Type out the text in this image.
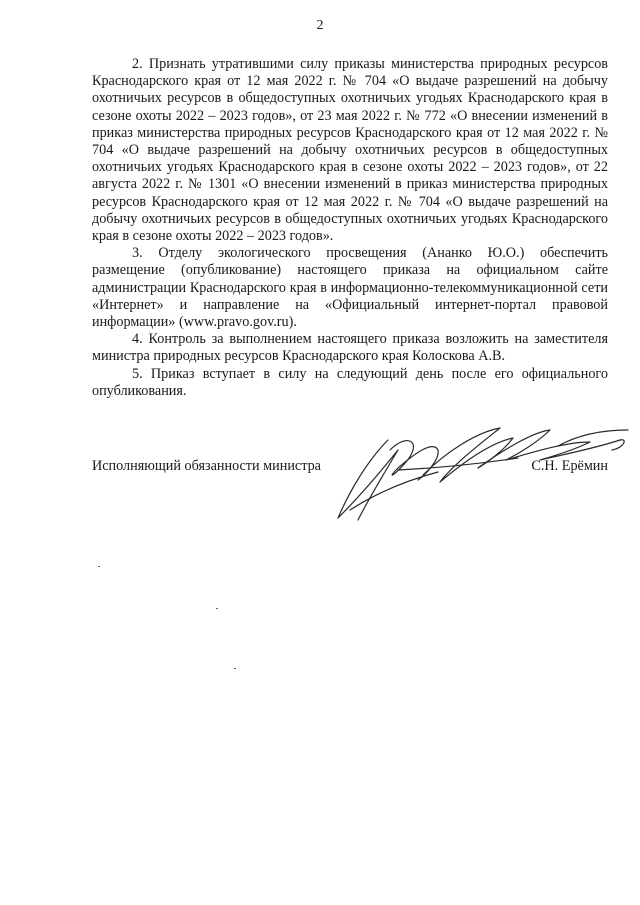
2

2. Признать утратившими силу приказы министерства природных ресурсов Краснодарского края от 12 мая 2022 г. № 704 «О выдаче разрешений на добычу охотничьих ресурсов в общедоступных охотничьих угодьях Краснодарского края в сезоне охоты 2022 – 2023 годов», от 23 мая 2022 г. № 772 «О внесении изменений в приказ министерства природных ресурсов Краснодарского края от 12 мая 2022 г. № 704 «О выдаче разрешений на добычу охотничьих ресурсов в общедоступных охотничьих угодьях Краснодарского края в сезоне охоты 2022 – 2023 годов», от 22 августа 2022 г. № 1301 «О внесении изменений в приказ министерства природных ресурсов Краснодарского края от 12 мая 2022 г. № 704 «О выдаче разрешений на добычу охотничьих ресурсов в общедоступных охотничьих угодьях Краснодарского края в сезоне охоты 2022 – 2023 годов».

3. Отделу экологического просвещения (Ананко Ю.О.) обеспечить размещение (опубликование) настоящего приказа на официальном сайте администрации Краснодарского края в информационно-телекоммуникационной сети «Интернет» и направление на «Официальный интернет-портал правовой информации» (www.pravo.gov.ru).

4. Контроль за выполнением настоящего приказа возложить на заместителя министра природных ресурсов Краснодарского края Колоскова А.В.

5. Приказ вступает в силу на следующий день после его официального опубликования.

Исполняющий обязанности министра	С.Н. Ерёмин
